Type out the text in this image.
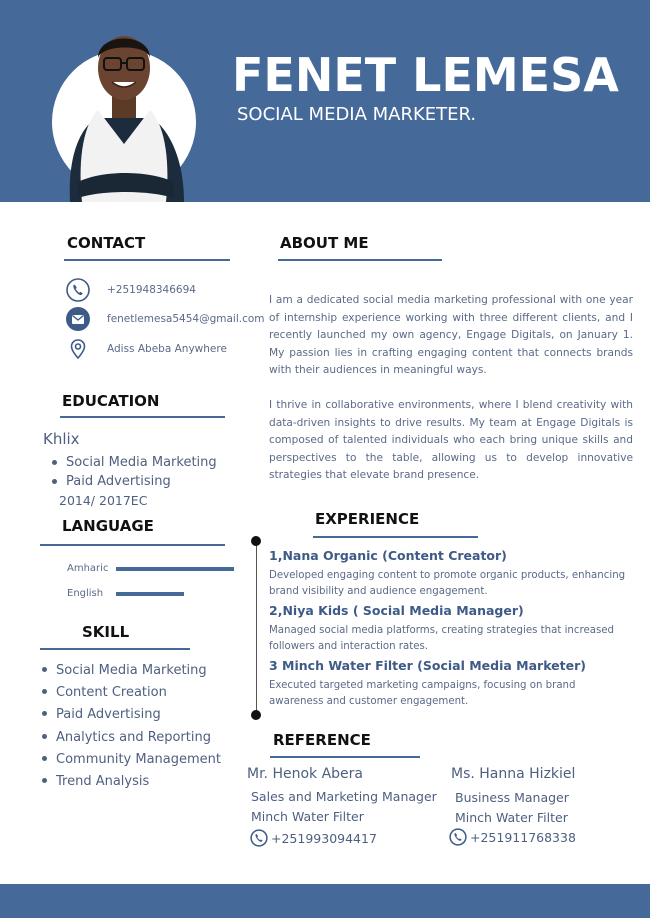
FENET LEMESA
SOCIAL MEDIA MARKETER.
CONTACT
+251948346694
fenetlemesa5454@gmail.com
Adiss Abeba Anywhere
EDUCATION
Khlix
Social Media Marketing
Paid Advertising
2014/ 2017EC
LANGUAGE
Amharic
English
SKILL
Social Media Marketing
Content Creation
Paid Advertising
Analytics and Reporting
Community Management
Trend Analysis
ABOUT ME
I am a dedicated social media marketing professional with one year of internship experience working with three different clients, and I recently launched my own agency, Engage Digitals, on January 1. My passion lies in crafting engaging content that connects brands with their audiences in meaningful ways.
I thrive in collaborative environments, where I blend creativity with data-driven insights to drive results. My team at Engage Digitals is composed of talented individuals who each bring unique skills and perspectives to the table, allowing us to develop innovative strategies that elevate brand presence.
EXPERIENCE
1,Nana Organic (Content Creator)
Developed engaging content to promote organic products, enhancing brand visibility and audience engagement.
2,Niya Kids ( Social Media Manager)
Managed social media platforms, creating strategies that increased followers and interaction rates.
3 Minch Water Filter (Social Media Marketer)
Executed targeted marketing campaigns, focusing on brand awareness and customer engagement.
REFERENCE
Mr. Henok Abera
Sales and Marketing Manager
Minch Water Filter
+251993094417
Ms. Hanna Hizkiel
Business Manager
Minch Water Filter
+251911768338
